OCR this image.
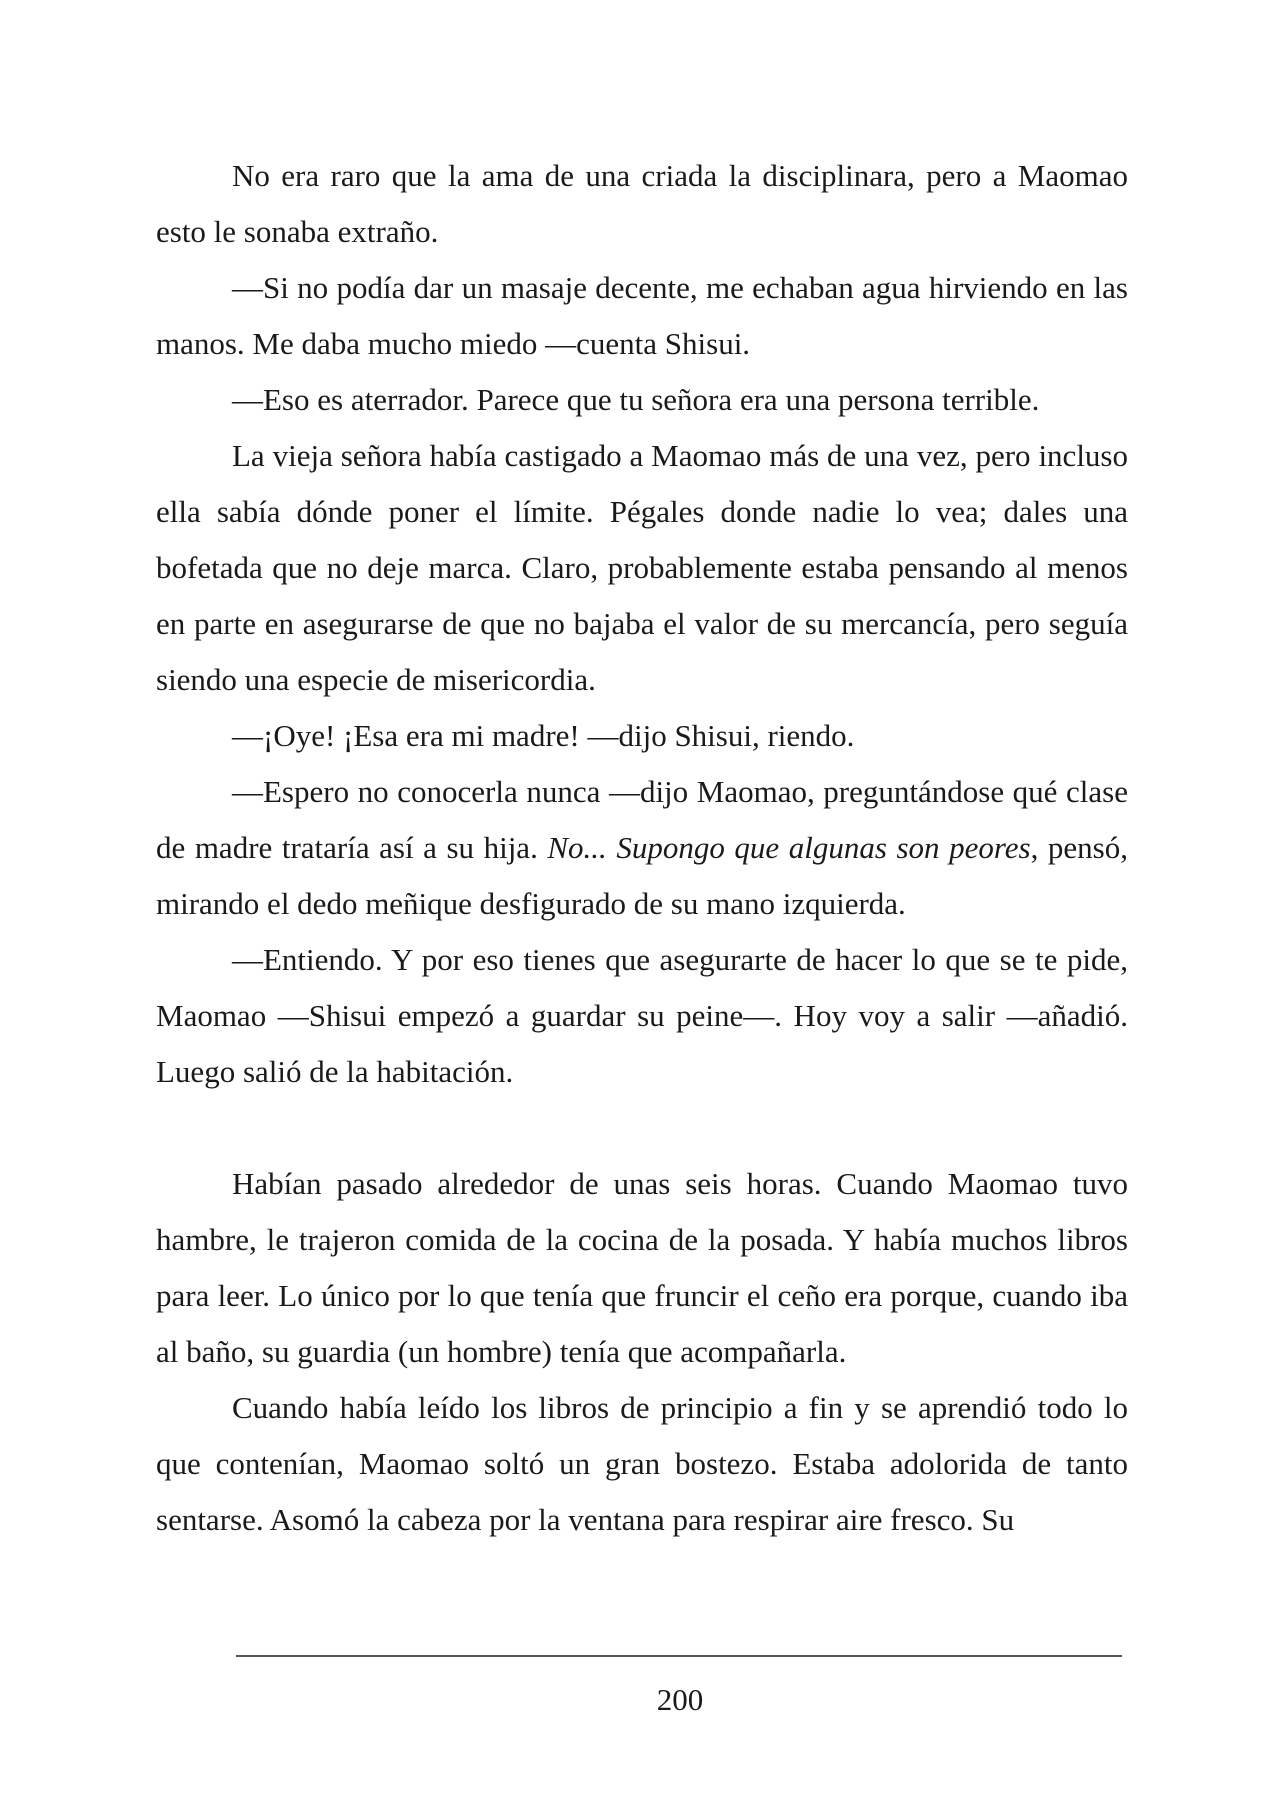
No era raro que la ama de una criada la disciplinara, pero a Maomao esto le sonaba extraño.

—Si no podía dar un masaje decente, me echaban agua hirviendo en las manos. Me daba mucho miedo —cuenta Shisui.

—Eso es aterrador. Parece que tu señora era una persona terrible.

La vieja señora había castigado a Maomao más de una vez, pero incluso ella sabía dónde poner el límite. Pégales donde nadie lo vea; dales una bofetada que no deje marca. Claro, probablemente estaba pensando al menos en parte en asegurarse de que no bajaba el valor de su mercancía, pero seguía siendo una especie de misericordia.

—¡Oye! ¡Esa era mi madre! —dijo Shisui, riendo.

—Espero no conocerla nunca —dijo Maomao, preguntándose qué clase de madre trataría así a su hija. No... Supongo que algunas son peores, pensó, mirando el dedo meñique desfigurado de su mano izquierda.

—Entiendo. Y por eso tienes que asegurarte de hacer lo que se te pide, Maomao —Shisui empezó a guardar su peine—. Hoy voy a salir —añadió. Luego salió de la habitación.

Habían pasado alrededor de unas seis horas. Cuando Maomao tuvo hambre, le trajeron comida de la cocina de la posada. Y había muchos libros para leer. Lo único por lo que tenía que fruncir el ceño era porque, cuando iba al baño, su guardia (un hombre) tenía que acompañarla.

Cuando había leído los libros de principio a fin y se aprendió todo lo que contenían, Maomao soltó un gran bostezo. Estaba adolorida de tanto sentarse. Asomó la cabeza por la ventana para respirar aire fresco. Su

200
